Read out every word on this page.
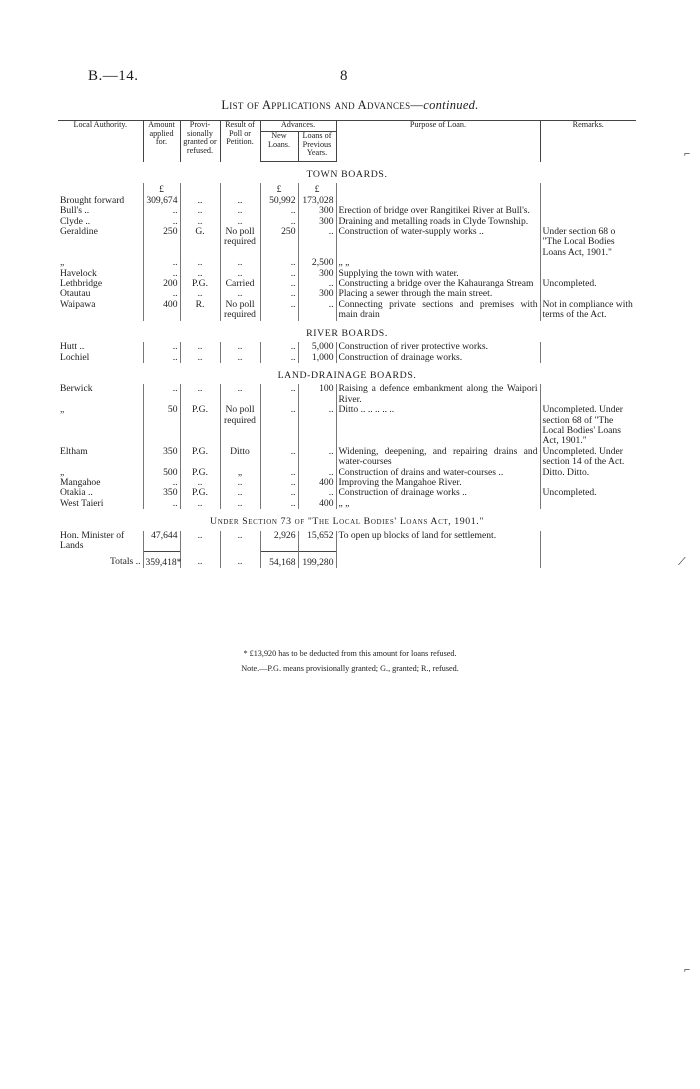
B.—14.	8
List of Applications and Advances—continued.
Local Authority.	Amount applied for.	Provi- sionally granted or refused.	Result of Poll or Petition.	Advances.		Purpose of Loan.	Remarks.
				New Loans.	Loans of Previous Years.		
TOWN BOARDS.							
	£			£	£		
Brought forward	309,674	..	..	50,992	173,028		
Bull's ..	..	..	..	..	300	Erection of bridge over Rangitikei River at Bull's.	
Clyde ..	..	..	..	..	300	Draining and metalling roads in Clyde Township.	
Geraldine	250	G.	No poll required	250	..	Construction of water-supply works ..	Under section 68 o "The Local Bodies Loans Act, 1901."
„	..	..	..	..	2,500	„ „	
Havelock	..	..	..	..	300	Supplying the town with water.	
Lethbridge	200	P.G.	Carried	..	..	Constructing a bridge over the Kahauranga Stream	Uncompleted.
Otautau	..	..	..	..	300	Placing a sewer through the main street.	
Waipawa	400	R.	No poll required	..	..	Connecting private sections and premises with main drain	Not in compliance with terms of the Act.
RIVER BOARDS.							
Hutt ..	..	..	..	..	5,000	Construction of river protective works.	
Lochiel	..	..	..	..	1,000	Construction of drainage works.	
LAND-DRAINAGE BOARDS.							
Berwick	..	..	..	..	100	Raising a defence embankment along the Waipori River.	
„	50	P.G.	No poll required	..	..	Ditto .. .. .. .. ..	Uncompleted. Under section 68 of "The Local Bodies' Loans Act, 1901."
Eltham	350	P.G.	Ditto	..	..	Widening, deepening, and repairing drains and water-courses	Uncompleted. Under section 14 of the Act.
„	500	P.G.	„	..	..	Construction of drains and water-courses ..	Ditto. Ditto.
Mangahoe	..	..	..	..	400	Improving the Mangahoe River.	
Otakia ..	350	P.G.	..	..	..	Construction of drainage works ..	Uncompleted.
West Taieri	..	..	..	..	400	„ „	
Under Section 73 of "The Local Bodies' Loans Act, 1901."							
Hon. Minister of Lands	47,644	..	..	2,926	15,652	To open up blocks of land for settlement.	
Totals ..	359,418*	..	..	54,168	199,280		
* £13,920 has to be deducted from this amount for loans refused.
Note.—P.G. means provisionally granted; G., granted; R., refused.
⌐
⟋
⌐
